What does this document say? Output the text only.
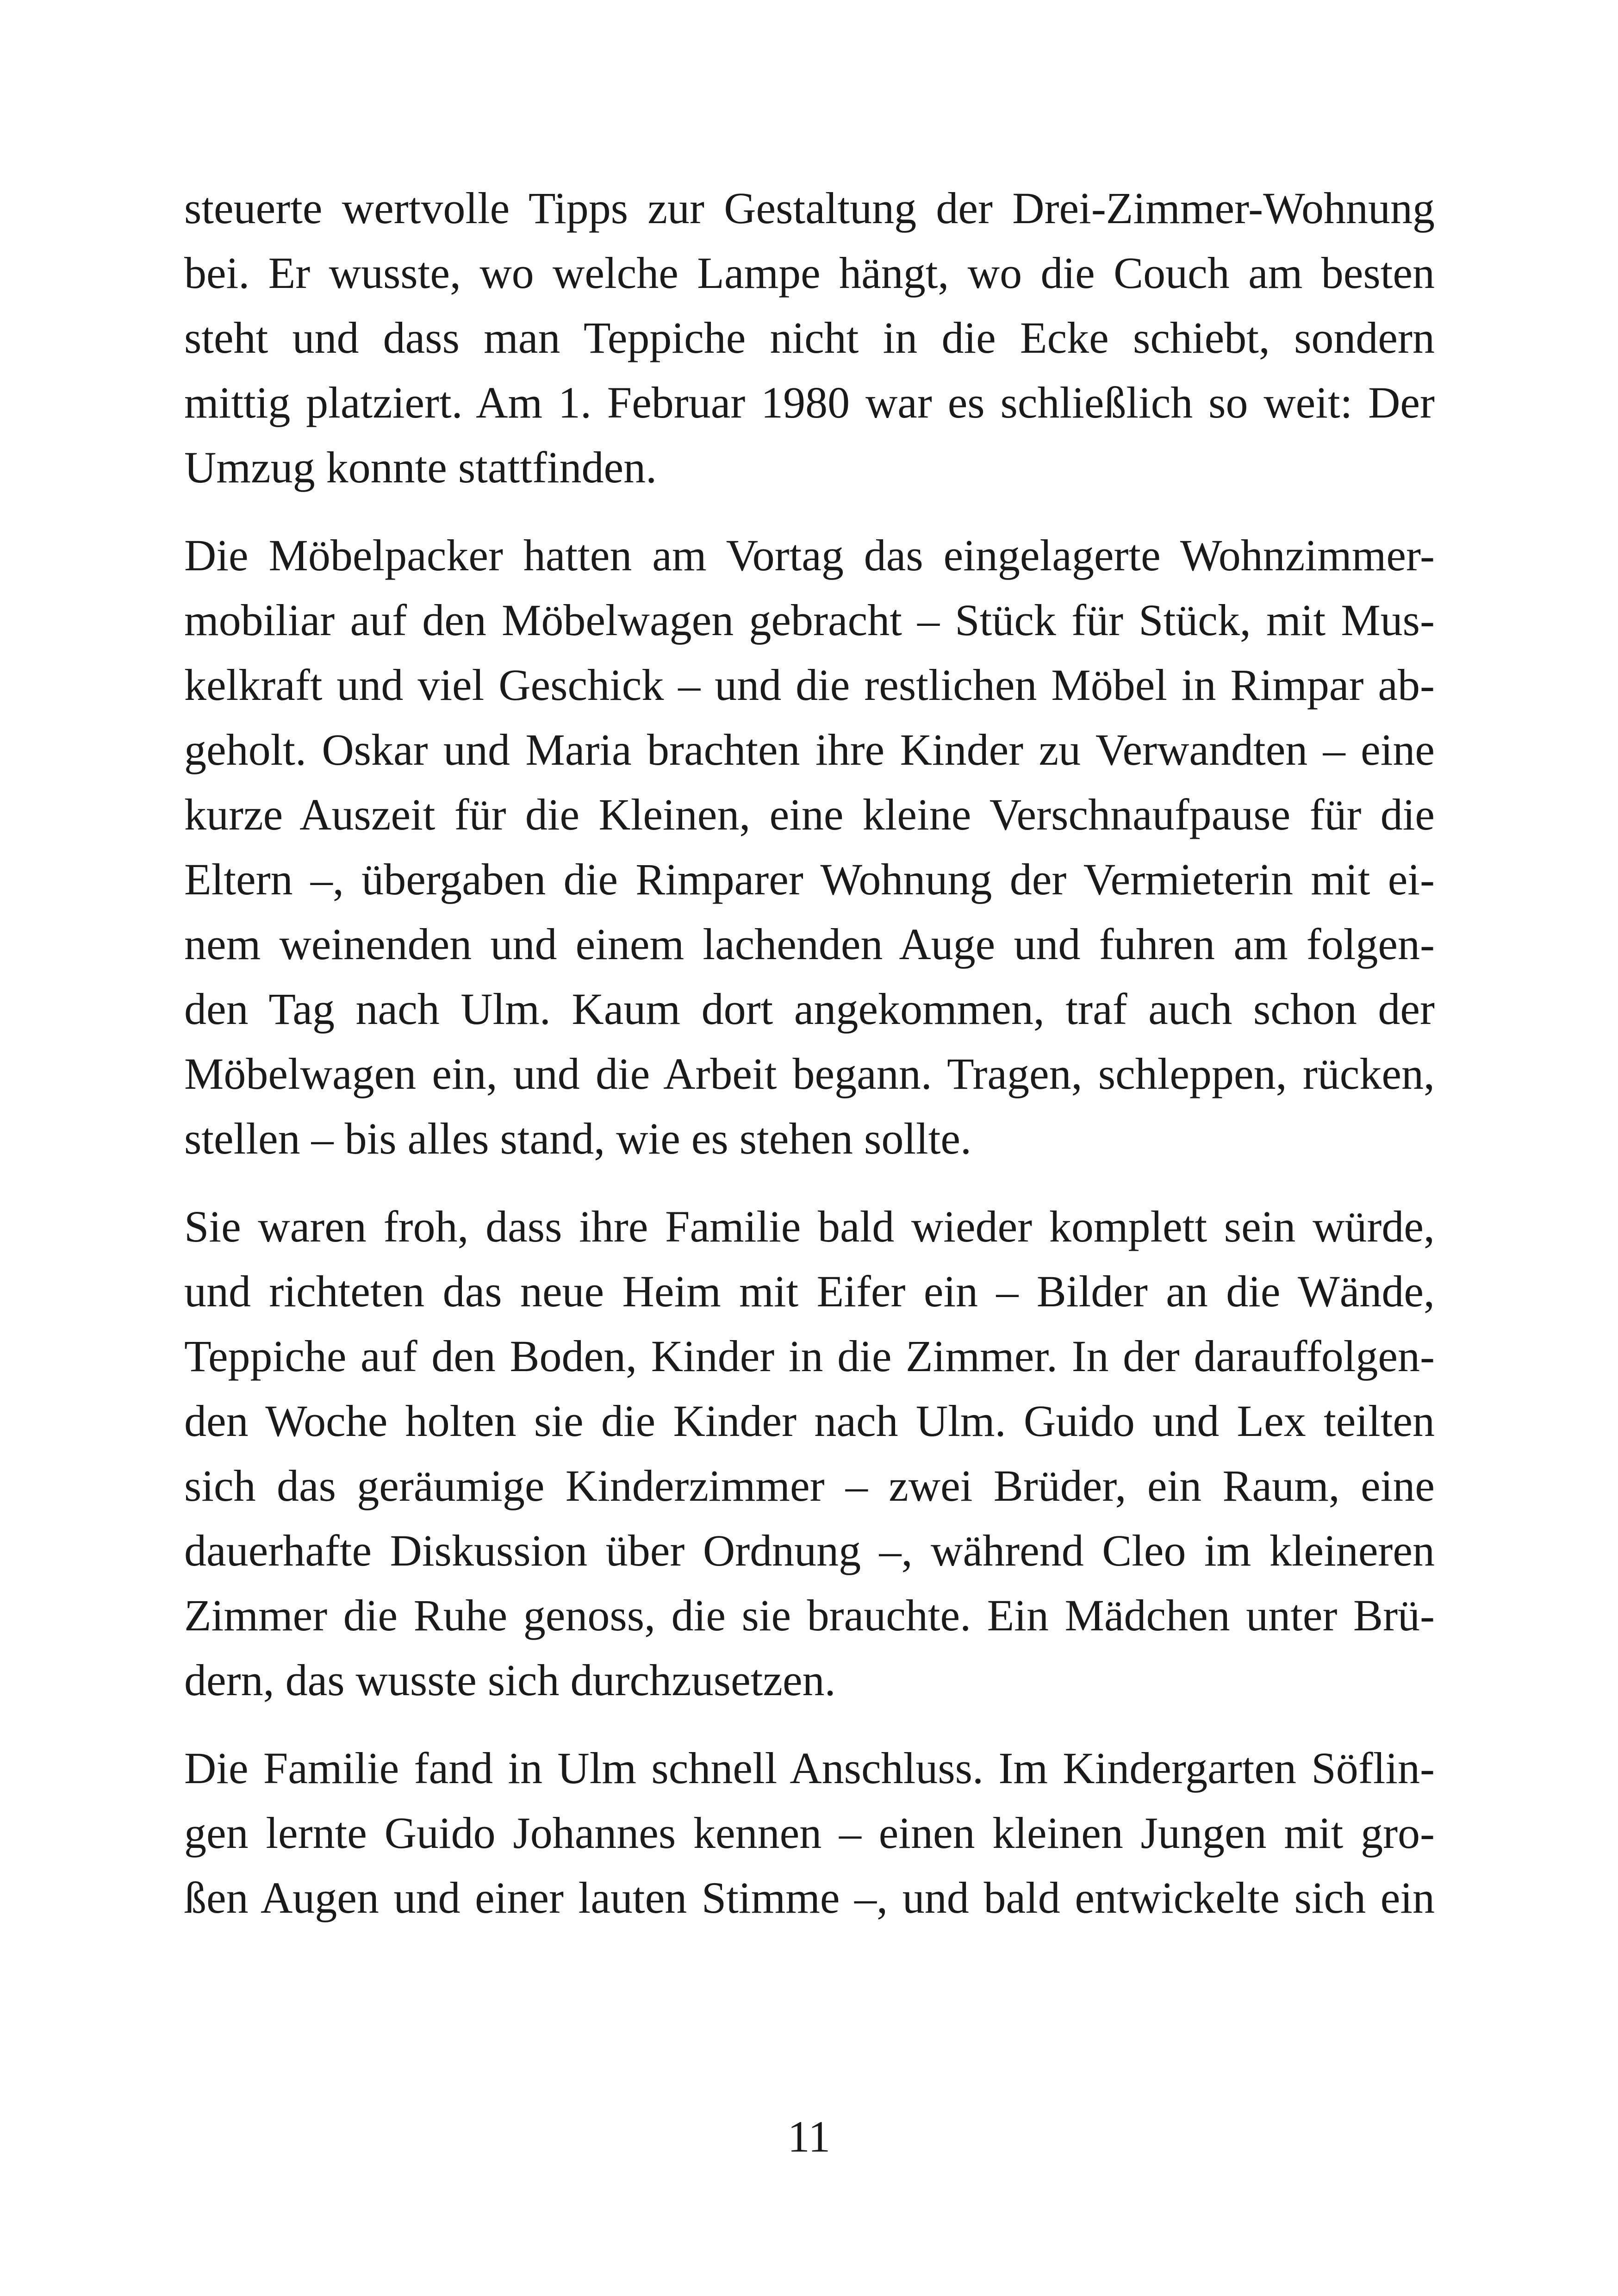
steuerte wertvolle Tipps zur Gestaltung der Drei-Zimmer-Wohnung
bei. Er wusste, wo welche Lampe hängt, wo die Couch am besten
steht und dass man Teppiche nicht in die Ecke schiebt, sondern
mittig platziert. Am 1. Februar 1980 war es schließlich so weit: Der
Umzug konnte stattfinden.

Die Möbelpacker hatten am Vortag das eingelagerte Wohnzimmer-
mobiliar auf den Möbelwagen gebracht – Stück für Stück, mit Mus-
kelkraft und viel Geschick – und die restlichen Möbel in Rimpar ab-
geholt. Oskar und Maria brachten ihre Kinder zu Verwandten – eine
kurze Auszeit für die Kleinen, eine kleine Verschnaufpause für die
Eltern –, übergaben die Rimparer Wohnung der Vermieterin mit ei-
nem weinenden und einem lachenden Auge und fuhren am folgen-
den Tag nach Ulm. Kaum dort angekommen, traf auch schon der
Möbelwagen ein, und die Arbeit begann. Tragen, schleppen, rücken,
stellen – bis alles stand, wie es stehen sollte.

Sie waren froh, dass ihre Familie bald wieder komplett sein würde,
und richteten das neue Heim mit Eifer ein – Bilder an die Wände,
Teppiche auf den Boden, Kinder in die Zimmer. In der darauffolgen-
den Woche holten sie die Kinder nach Ulm. Guido und Lex teilten
sich das geräumige Kinderzimmer – zwei Brüder, ein Raum, eine
dauerhafte Diskussion über Ordnung –, während Cleo im kleineren
Zimmer die Ruhe genoss, die sie brauchte. Ein Mädchen unter Brü-
dern, das wusste sich durchzusetzen.

Die Familie fand in Ulm schnell Anschluss. Im Kindergarten Söflin-
gen lernte Guido Johannes kennen – einen kleinen Jungen mit gro-
ßen Augen und einer lauten Stimme –, und bald entwickelte sich ein

11
